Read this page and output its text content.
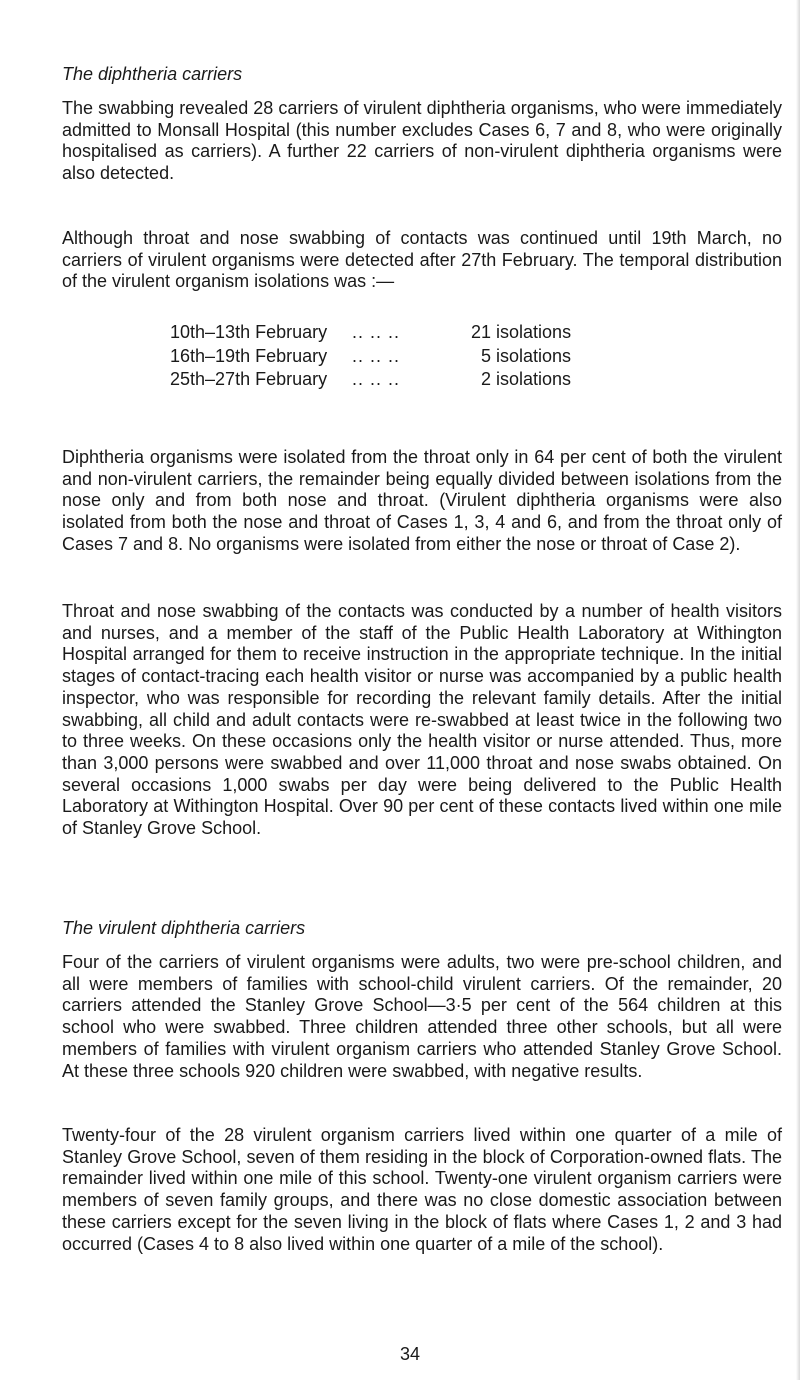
The diphtheria carriers

The swabbing revealed 28 carriers of virulent diphtheria organisms, who were immediately admitted to Monsall Hospital (this number excludes Cases 6, 7 and 8, who were originally hospitalised as carriers). A further 22 carriers of non-virulent diphtheria organisms were also detected.

Although throat and nose swabbing of contacts was continued until 19th March, no carriers of virulent organisms were detected after 27th February. The temporal distribution of the virulent organism isolations was :—

10th–13th February .. .. ..	21 isolations
16th–19th February .. .. ..	5 isolations
25th–27th February .. .. ..	2 isolations

Diphtheria organisms were isolated from the throat only in 64 per cent of both the virulent and non-virulent carriers, the remainder being equally divided between isolations from the nose only and from both nose and throat. (Virulent diphtheria organisms were also isolated from both the nose and throat of Cases 1, 3, 4 and 6, and from the throat only of Cases 7 and 8. No organisms were isolated from either the nose or throat of Case 2).

Throat and nose swabbing of the contacts was conducted by a number of health visitors and nurses, and a member of the staff of the Public Health Laboratory at Withington Hospital arranged for them to receive instruction in the appropriate technique. In the initial stages of contact-tracing each health visitor or nurse was accompanied by a public health inspector, who was responsible for recording the relevant family details. After the initial swabbing, all child and adult contacts were re-swabbed at least twice in the following two to three weeks. On these occasions only the health visitor or nurse attended. Thus, more than 3,000 persons were swabbed and over 11,000 throat and nose swabs obtained. On several occasions 1,000 swabs per day were being delivered to the Public Health Laboratory at Withington Hospital. Over 90 per cent of these contacts lived within one mile of Stanley Grove School.

The virulent diphtheria carriers

Four of the carriers of virulent organisms were adults, two were pre-school children, and all were members of families with school-child virulent carriers. Of the remainder, 20 carriers attended the Stanley Grove School—3·5 per cent of the 564 children at this school who were swabbed. Three children attended three other schools, but all were members of families with virulent organism carriers who attended Stanley Grove School. At these three schools 920 children were swabbed, with negative results.

Twenty-four of the 28 virulent organism carriers lived within one quarter of a mile of Stanley Grove School, seven of them residing in the block of Corporation-owned flats. The remainder lived within one mile of this school. Twenty-one virulent organism carriers were members of seven family groups, and there was no close domestic association between these carriers except for the seven living in the block of flats where Cases 1, 2 and 3 had occurred (Cases 4 to 8 also lived within one quarter of a mile of the school).

34
